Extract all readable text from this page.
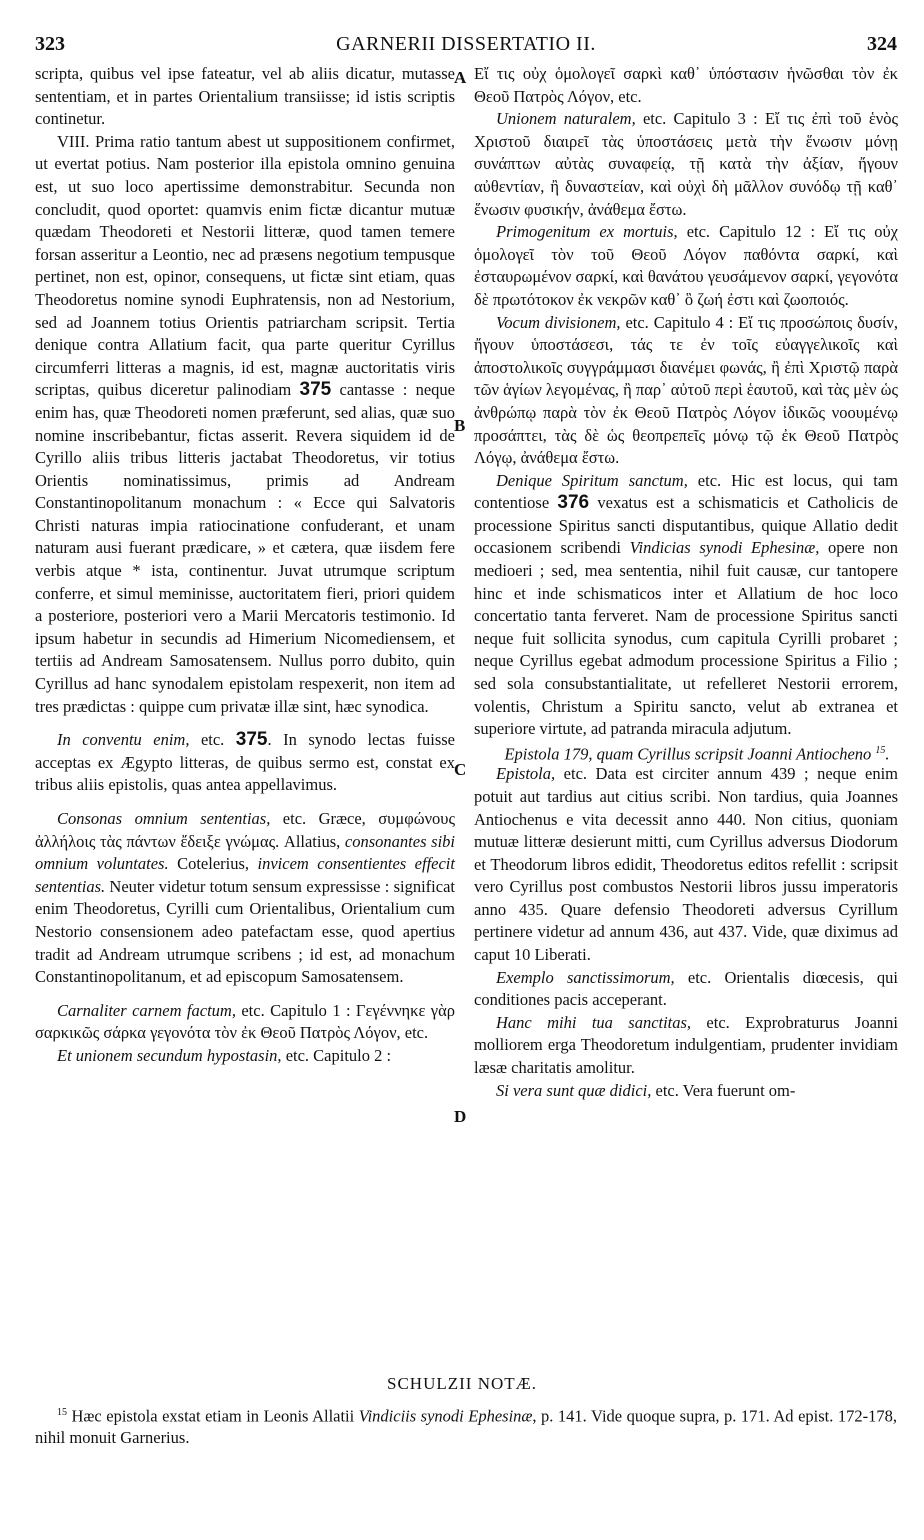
323	GARNERII DISSERTATIO II.	324
A
B
C
D

scripta, quibus vel ipse fateatur, vel ab aliis dicatur, mutasse sententiam, et in partes Orientalium transiisse; id istis scriptis continetur.

VIII. Prima ratio tantum abest ut suppositionem confirmet, ut evertat potius. Nam posterior illa epistola omnino genuina est, ut suo loco apertissime demonstrabitur. Secunda non concludit, quod oportet: quamvis enim fictæ dicantur mutuæ quædam Theodoreti et Nestorii litteræ, quod tamen temere forsan asseritur a Leontio, nec ad præsens negotium tempusque pertinet, non est, opinor, consequens, ut fictæ sint etiam, quas Theodoretus nomine synodi Euphratensis, non ad Nestorium, sed ad Joannem totius Orientis patriarcham scripsit. Tertia denique contra Allatium facit, qua parte queritur Cyrillus circumferri litteras a magnis, id est, magnæ auctoritatis viris scriptas, quibus diceretur palinodiam 375 cantasse : neque enim has, quæ Theodoreti nomen præferunt, sed alias, quæ suo nomine inscribebantur, fictas asserit. Revera siquidem id de Cyrillo aliis tribus litteris jactabat Theodoretus, vir totius Orientis nominatissimus, primis ad Andream Constantinopolitanum monachum : « Ecce qui Salvatoris Christi naturas impia ratiocinatione confuderant, et unam naturam ausi fuerant prædicare, » et cætera, quæ iisdem fere verbis atque * ista, continentur. Juvat utrumque scriptum conferre, et simul meminisse, auctoritatem fieri, priori quidem a posteriore, posteriori vero a Marii Mercatoris testimonio. Id ipsum habetur in secundis ad Himerium Nicomediensem, et tertiis ad Andream Samosatensem. Nullus porro dubito, quin Cyrillus ad hanc synodalem epistolam respexerit, non item ad tres prædictas : quippe cum privatæ illæ sint, hæc synodica.

In conventu enim, etc. 375. In synodo lectas fuisse acceptas ex Ægypto litteras, de quibus sermo est, constat ex tribus aliis epistolis, quas antea appellavimus.

Consonas omnium sententias, etc. Græce, συμφώνους ἀλλήλοις τὰς πάντων ἔδειξε γνώμας. Allatius, consonantes sibi omnium voluntates. Cotelerius, invicem consentientes effecit sententias. Neuter videtur totum sensum expressisse : significat enim Theodoretus, Cyrilli cum Orientalibus, Orientalium cum Nestorio consensionem adeo patefactam esse, quod apertius tradit ad Andream utrumque scribens ; id est, ad monachum Constantinopolitanum, et ad episcopum Samosatensem.

Carnaliter carnem factum, etc. Capitulo 1 : Γεγέννηκε γὰρ σαρκικῶς σάρκα γεγονότα τὸν ἐκ Θεοῦ Πατρὸς Λόγον, etc.

Et unionem secundum hypostasin, etc. Capitulo 2 :

Εἴ τις οὐχ ὁμολογεῖ σαρκὶ καθ᾽ ὑπόστασιν ἡνῶσθαι τὸν ἐκ Θεοῦ Πατρὸς Λόγον, etc.

Unionem naturalem, etc. Capitulo 3 : Εἴ τις ἐπὶ τοῦ ἑνὸς Χριστοῦ διαιρεῖ τὰς ὑποστάσεις μετὰ τὴν ἕνωσιν μόνῃ συνάπτων αὐτὰς συναφείᾳ, τῇ κατὰ τὴν ἀξίαν, ἤγουν αὐθεντίαν, ἢ δυναστείαν, καὶ οὐχὶ δὴ μᾶλλον συνόδῳ τῇ καθ᾽ ἕνωσιν φυσικήν, ἀνάθεμα ἔστω.

Primogenitum ex mortuis, etc. Capitulo 12 : Εἴ τις οὐχ ὁμολογεῖ τὸν τοῦ Θεοῦ Λόγον παθόντα σαρκί, καὶ ἐσταυρωμένον σαρκί, καὶ θανάτου γευσάμενον σαρκί, γεγονότα δὲ πρωτότοκον ἐκ νεκρῶν καθ᾽ ὃ ζωή ἐστι καὶ ζωοποιός.

Vocum divisionem, etc. Capitulo 4 : Εἴ τις προσώποις δυσίν, ἤγουν ὑποστάσεσι, τάς τε ἐν τοῖς εὐαγγελικοῖς καὶ ἀποστολικοῖς συγγράμμασι διανέμει φωνάς, ἢ ἐπὶ Χριστῷ παρὰ τῶν ἁγίων λεγομένας, ἢ παρ᾽ αὐτοῦ περὶ ἑαυτοῦ, καὶ τὰς μὲν ὡς ἀνθρώπῳ παρὰ τὸν ἐκ Θεοῦ Πατρὸς Λόγον ἰδικῶς νοουμένῳ προσάπτει, τὰς δὲ ὡς θεοπρεπεῖς μόνῳ τῷ ἐκ Θεοῦ Πατρὸς Λόγῳ, ἀνάθεμα ἔστω.

Denique Spiritum sanctum, etc. Hic est locus, qui tam contentiose 376 vexatus est a schismaticis et Catholicis de processione Spiritus sancti disputantibus, quique Allatio dedit occasionem scribendi Vindicias synodi Ephesinæ, opere non medioeri ; sed, mea sententia, nihil fuit causæ, cur tantopere hinc et inde schismaticos inter et Allatium de hoc loco concertatio tanta ferveret. Nam de processione Spiritus sancti neque fuit sollicita synodus, cum capitula Cyrilli probaret ; neque Cyrillus egebat admodum processione Spiritus a Filio ; sed sola consubstantialitate, ut refelleret Nestorii errorem, volentis, Christum a Spiritu sancto, velut ab extranea et superiore virtute, ad patranda miracula adjutum.

Epistola 179, quam Cyrillus scripsit Joanni Antiocheno $^{15}$.

Epistola, etc. Data est circiter annum 439 ; neque enim potuit aut tardius aut citius scribi. Non tardius, quia Joannes Antiochenus e vita decessit anno 440. Non citius, quoniam mutuæ litteræ desierunt mitti, cum Cyrillus adversus Diodorum et Theodorum libros edidit, Theodoretus editos refellit : scripsit vero Cyrillus post combustos Nestorii libros jussu imperatoris anno 435. Quare defensio Theodoreti adversus Cyrillum pertinere videtur ad annum 436, aut 437. Vide, quæ diximus ad caput 10 Liberati.

Exemplo sanctissimorum, etc. Orientalis diœcesis, qui conditiones pacis acceperant.

Hanc mihi tua sanctitas, etc. Exprobraturus Joanni molliorem erga Theodoretum indulgentiam, prudenter invidiam læsæ charitatis amolitur.

Si vera sunt quæ didici, etc. Vera fuerunt om-

SCHULZII NOTÆ.

$^{15}$ Hæc epistola exstat etiam in Leonis Allatii Vindiciis synodi Ephesinæ, p. 141. Vide quoque supra, p. 171. Ad epist. 172-178, nihil monuit Garnerius.
